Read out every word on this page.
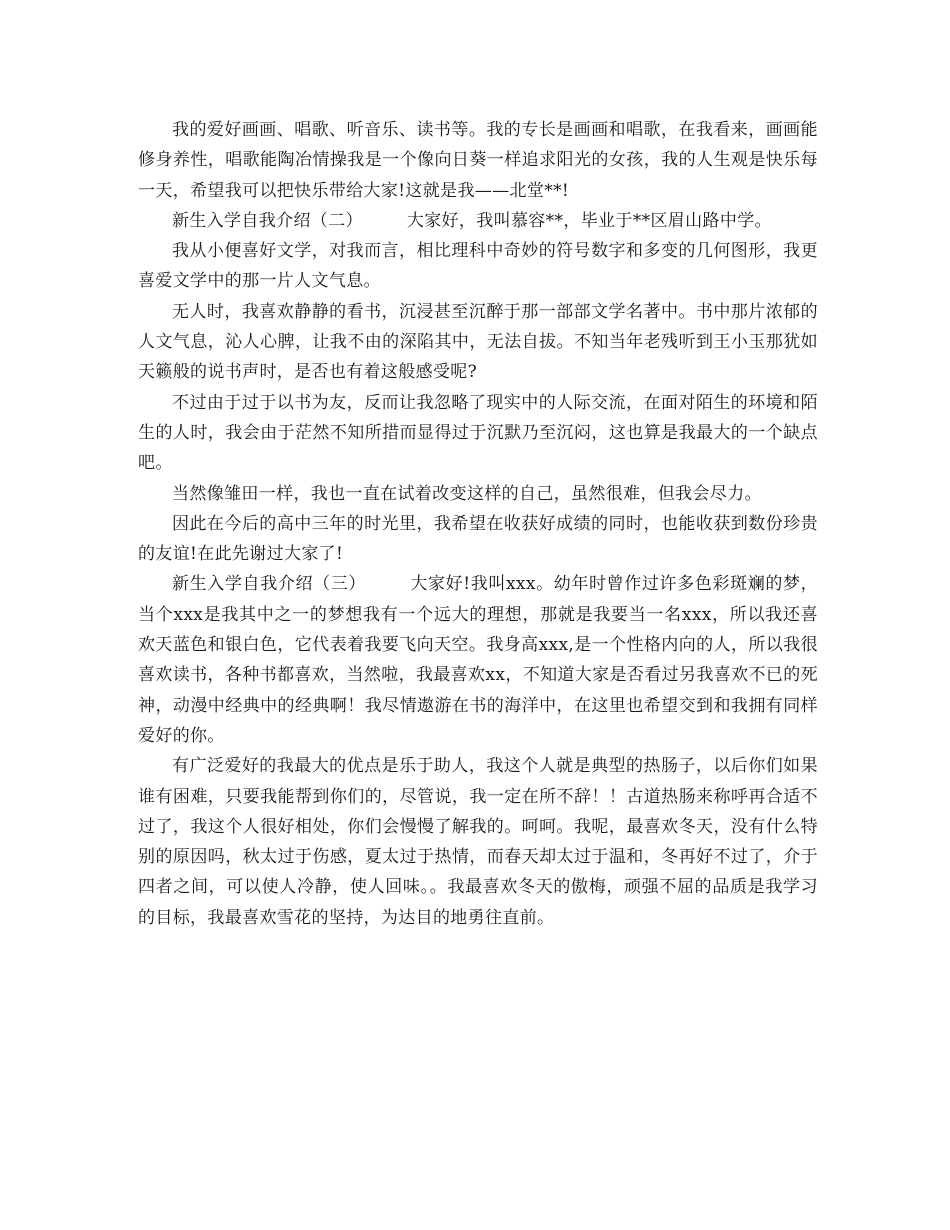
我的爱好画画、唱歌、听音乐、读书等。我的专长是画画和唱歌，在我看来，画画能修身养性，唱歌能陶冶情操我是一个像向日葵一样追求阳光的女孩，我的人生观是快乐每一天，希望我可以把快乐带给大家!这就是我——北堂**!

新生入学自我介绍（二）	大家好，我叫慕容**，毕业于**区眉山路中学。

我从小便喜好文学，对我而言，相比理科中奇妙的符号数字和多变的几何图形，我更喜爱文学中的那一片人文气息。

无人时，我喜欢静静的看书，沉浸甚至沉醉于那一部部文学名著中。书中那片浓郁的人文气息，沁人心脾，让我不由的深陷其中，无法自拔。不知当年老残听到王小玉那犹如天籁般的说书声时，是否也有着这般感受呢?

不过由于过于以书为友，反而让我忽略了现实中的人际交流，在面对陌生的环境和陌生的人时，我会由于茫然不知所措而显得过于沉默乃至沉闷，这也算是我最大的一个缺点吧。

当然像雏田一样，我也一直在试着改变这样的自己，虽然很难，但我会尽力。

因此在今后的高中三年的时光里，我希望在收获好成绩的同时，也能收获到数份珍贵的友谊!在此先谢过大家了!

新生入学自我介绍（三）	大家好!我叫xxx。幼年时曾作过许多色彩斑斓的梦，当个xxx是我其中之一的梦想我有一个远大的理想，那就是我要当一名xxx，所以我还喜欢天蓝色和银白色，它代表着我要飞向天空。我身高xxx,是一个性格内向的人，所以我很喜欢读书，各种书都喜欢，当然啦，我最喜欢xx，不知道大家是否看过另我喜欢不已的死神，动漫中经典中的经典啊！我尽情遨游在书的海洋中，在这里也希望交到和我拥有同样爱好的你。

有广泛爱好的我最大的优点是乐于助人，我这个人就是典型的热肠子，以后你们如果谁有困难，只要我能帮到你们的，尽管说，我一定在所不辞！！古道热肠来称呼再合适不过了，我这个人很好相处，你们会慢慢了解我的。呵呵。我呢，最喜欢冬天，没有什么特别的原因吗，秋太过于伤感，夏太过于热情，而春天却太过于温和，冬再好不过了，介于四者之间，可以使人冷静，使人回味。。我最喜欢冬天的傲梅，顽强不屈的品质是我学习的目标，我最喜欢雪花的坚持，为达目的地勇往直前。
